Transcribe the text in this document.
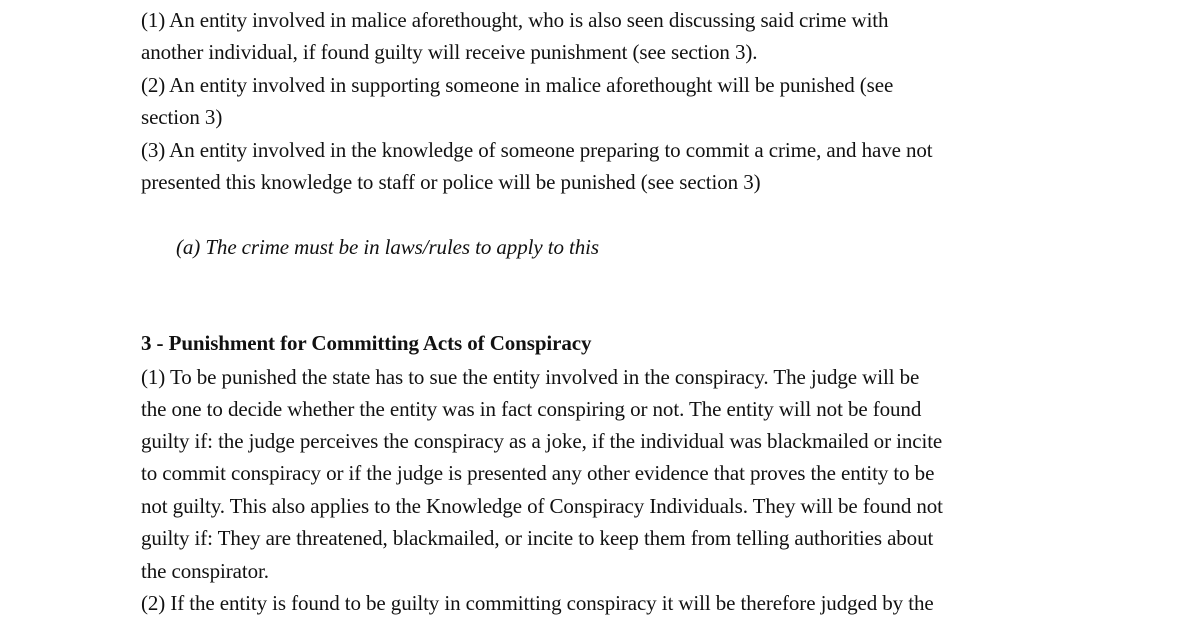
(1) An entity involved in malice aforethought, who is also seen discussing said crime with
another individual, if found guilty will receive punishment (see section 3).
(2) An entity involved in supporting someone in malice aforethought will be punished (see
section 3)
(3) An entity involved in the knowledge of someone preparing to commit a crime, and have not
presented this knowledge to staff or police will be punished (see section 3)
(a) The crime must be in laws/rules to apply to this
3 - Punishment for Committing Acts of Conspiracy
(1) To be punished the state has to sue the entity involved in the conspiracy. The judge will be
the one to decide whether the entity was in fact conspiring or not. The entity will not be found
guilty if: the judge perceives the conspiracy as a joke, if the individual was blackmailed or incite
to commit conspiracy or if the judge is presented any other evidence that proves the entity to be
not guilty. This also applies to the Knowledge of Conspiracy Individuals. They will be found not
guilty if: They are threatened, blackmailed, or incite to keep them from telling authorities about
the conspirator.
(2) If the entity is found to be guilty in committing conspiracy it will be therefore judged by the
